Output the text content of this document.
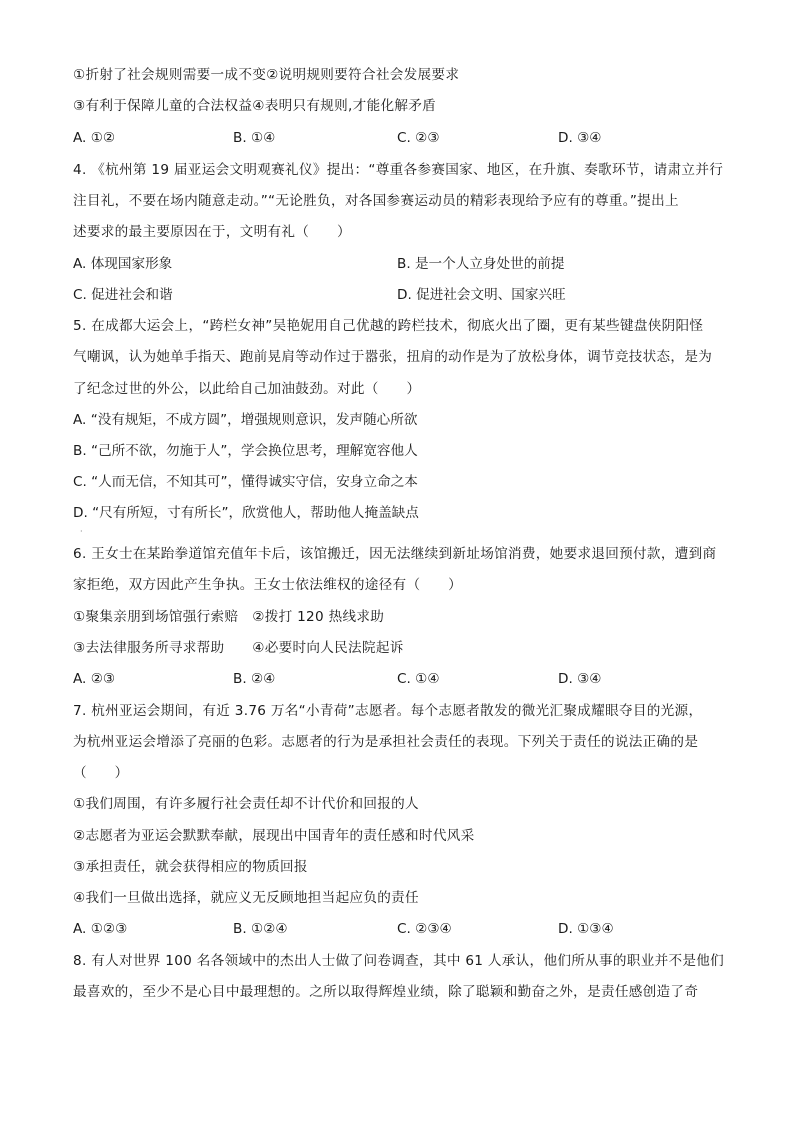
①折射了社会规则需要一成不变②说明规则要符合社会发展要求
③有利于保障儿童的合法权益④表明只有规则,才能化解矛盾
A. ①②	B. ①④	C. ②③	D. ③④
4. 《杭州第 19 届亚运会文明观赛礼仪》提出：“尊重各参赛国家、地区，在升旗、奏歌环节，请肃立并行
注目礼，不要在场内随意走动。”“无论胜负，对各国参赛运动员的精彩表现给予应有的尊重。”提出上
述要求的最主要原因在于，文明有礼（　　）
A. 体现国家形象	B. 是一个人立身处世的前提
C. 促进社会和谐	D. 促进社会文明、国家兴旺
5. 在成都大运会上，“跨栏女神”吴艳妮用自己优越的跨栏技术，彻底火出了圈，更有某些键盘侠阴阳怪
气嘲讽，认为她单手指天、跑前晃肩等动作过于嚣张，扭肩的动作是为了放松身体，调节竞技状态，是为
了纪念过世的外公，以此给自己加油鼓劲。对此（　　）
A. “没有规矩，不成方圆”，增强规则意识，发声随心所欲
B. “己所不欲，勿施于人”，学会换位思考，理解宽容他人
C. “人而无信，不知其可”，懂得诚实守信，安身立命之本
D. “尺有所短，寸有所长”，欣赏他人，帮助他人掩盖缺点
·
6. 王女士在某跆拳道馆充值年卡后，该馆搬迁，因无法继续到新址场馆消费，她要求退回预付款，遭到商
家拒绝，双方因此产生争执。王女士依法维权的途径有（　　）
①聚集亲朋到场馆强行索赔　②拨打 120 热线求助
③去法律服务所寻求帮助　　④必要时向人民法院起诉
A. ②③	B. ②④	C. ①④	D. ③④
7. 杭州亚运会期间，有近 3.76 万名“小青荷”志愿者。每个志愿者散发的微光汇聚成耀眼夺目的光源，
为杭州亚运会增添了亮丽的色彩。志愿者的行为是承担社会责任的表现。下列关于责任的说法正确的是
（　　）
①我们周围，有许多履行社会责任却不计代价和回报的人
②志愿者为亚运会默默奉献，展现出中国青年的责任感和时代风采
③承担责任，就会获得相应的物质回报
④我们一旦做出选择，就应义无反顾地担当起应负的责任
A. ①②③	B. ①②④	C. ②③④	D. ①③④
8. 有人对世界 100 名各领域中的杰出人士做了问卷调查，其中 61 人承认，他们所从事的职业并不是他们
最喜欢的，至少不是心目中最理想的。之所以取得辉煌业绩，除了聪颖和勤奋之外，是责任感创造了奇
